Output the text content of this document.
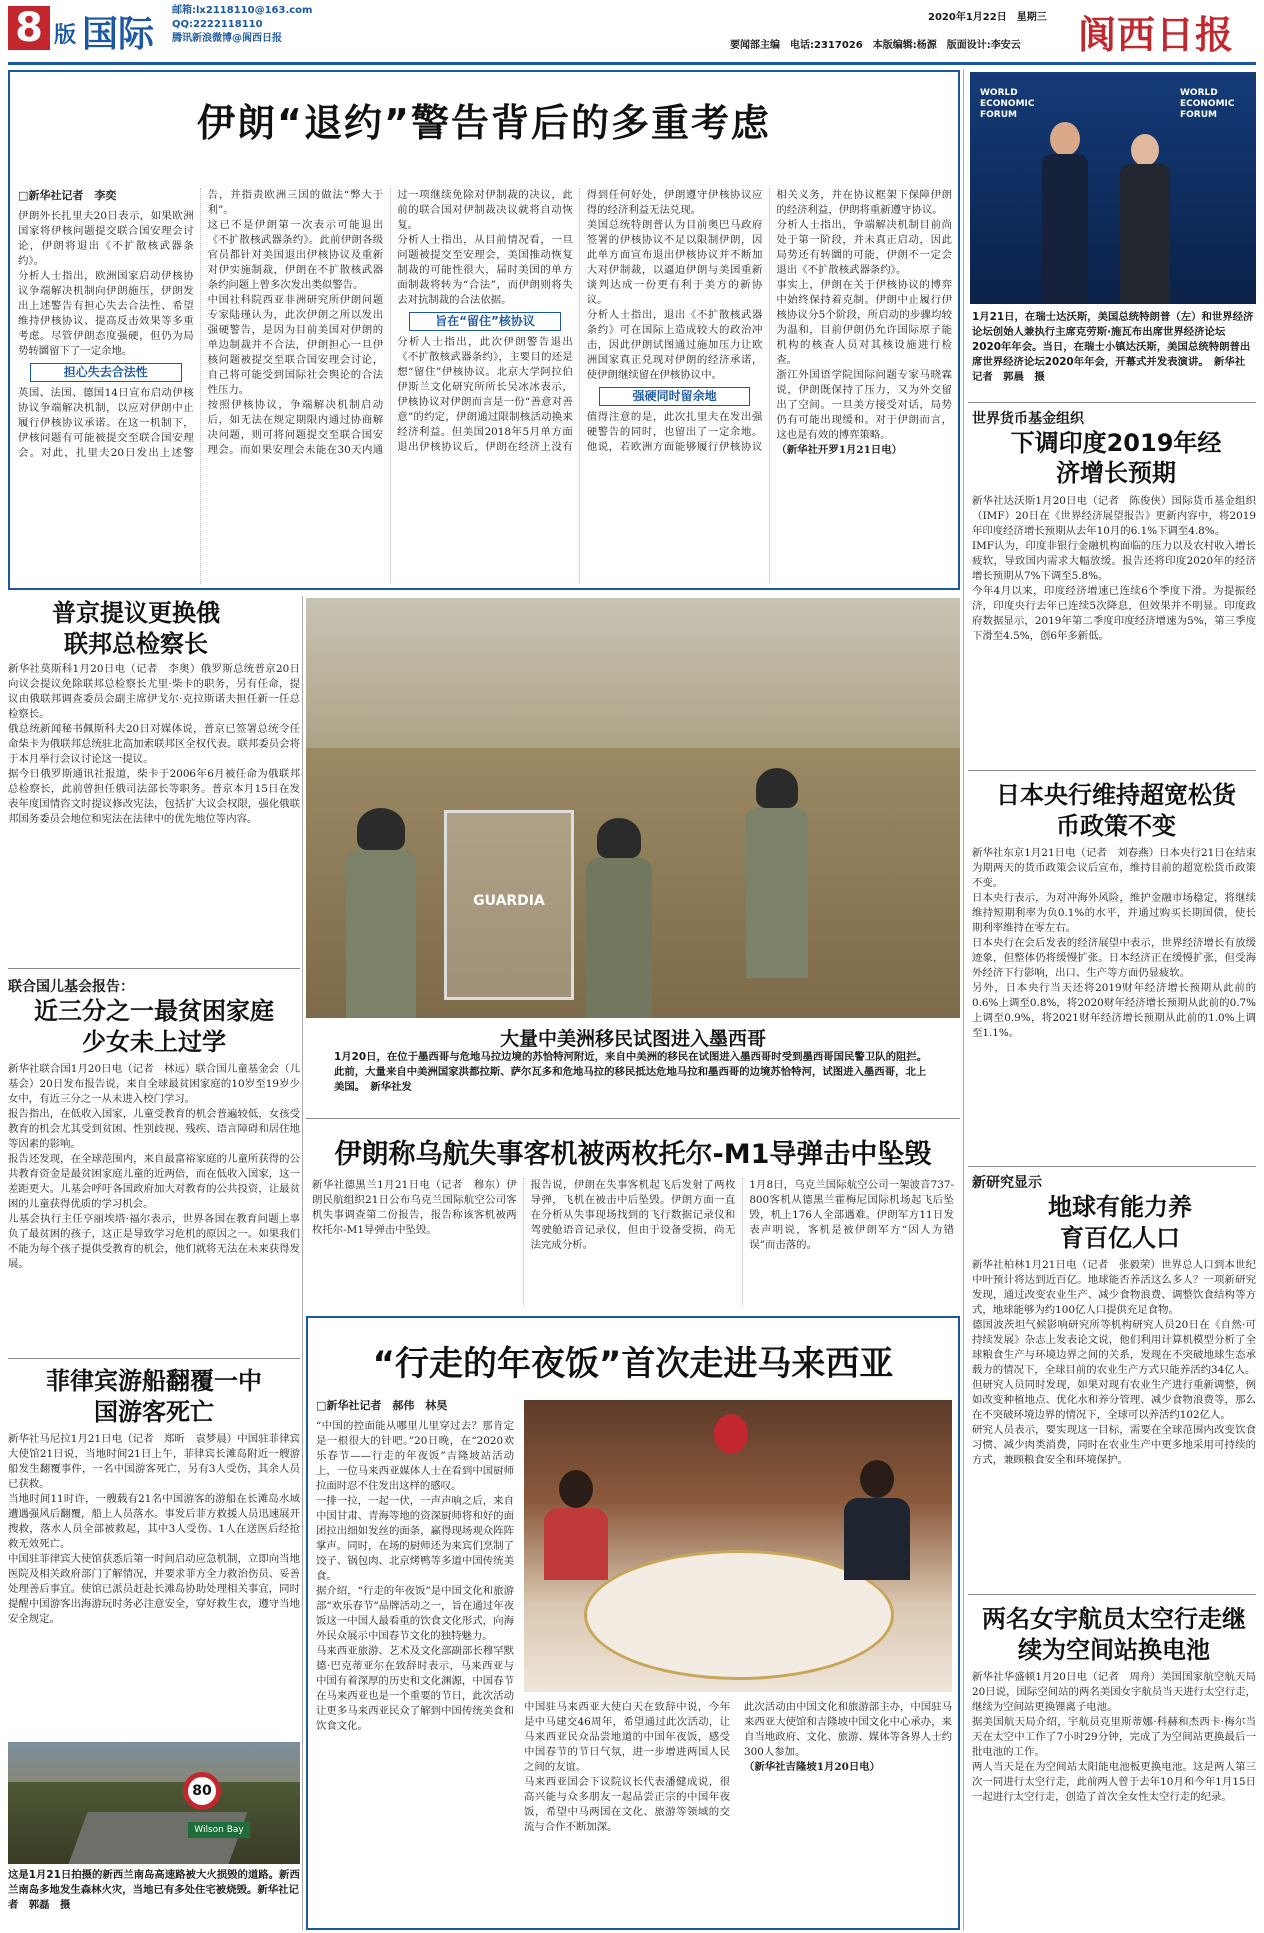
8 版 国际
邮箱:lx2118110@163.com
QQ:2222118110
腾讯新浪微博@阆西日报
2020年1月22日　星期三
要闻部主编　电话:2317026　本版编辑:杨源　版面设计:李安云 阆西日报
伊朗“退约”警告背后的多重考虑
□新华社记者　李奕

伊朗外长扎里夫20日表示，如果欧洲国家将伊核问题提交联合国安理会讨论，伊朗将退出《不扩散核武器条约》。

分析人士指出，欧洲国家启动伊核协议争端解决机制向伊朗施压，伊朗发出上述警告有担心失去合法性、希望维持伊核协议、提高反击效果等多重考虑。尽管伊朗态度强硬，但仍为局势转圜留下了一定余地。

担心失去合法性

英国、法国、德国14日宣布启动伊核协议争端解决机制，以应对伊朗中止履行伊核协议承诺。在这一机制下，伊核问题有可能被提交至联合国安理会。对此，扎里夫20日发出上述警告，并指责欧洲三国的做法“弊大于利”。

这已不是伊朗第一次表示可能退出《不扩散核武器条约》。此前伊朗各级官员都针对美国退出伊核协议及重新对伊实施制裁，伊朗在不扩散核武器条约问题上曾多次发出类似警告。

中国社科院西亚非洲研究所伊朗问题专家陆瑾认为，此次伊朗之所以发出强硬警告，是因为目前美国对伊朗的单边制裁并不合法，伊朗担心一旦伊核问题被提交至联合国安理会讨论，自己将可能受到国际社会舆论的合法性压力。

按照伊核协议，争端解决机制启动后，如无法在规定期限内通过协商解决问题，则可将问题提交至联合国安理会。而如果安理会未能在30天内通过一项继续免除对伊制裁的决议，此前的联合国对伊制裁决议就将自动恢复。

分析人士指出，从目前情况看，一旦问题被提交至安理会，美国推动恢复制裁的可能性很大，届时美国的单方面制裁将转为“合法”，而伊朗则将失去对抗制裁的合法依据。

旨在“留住”核协议

分析人士指出，此次伊朗警告退出《不扩散核武器条约》，主要目的还是想“留住”伊核协议。北京大学阿拉伯伊斯兰文化研究所所长吴冰冰表示，伊核协议对伊朗而言是一份“善意对善意”的约定，伊朗通过限制核活动换来经济利益。但美国2018年5月单方面退出伊核协议后，伊朗在经济上没有得到任何好处，伊朗遵守伊核协议应得的经济利益无法兑现。

美国总统特朗普认为目前奥巴马政府签署的伊核协议不足以限制伊朗，因此单方面宣布退出伊核协议并不断加大对伊制裁，以逼迫伊朗与美国重新谈判达成一份更有利于美方的新协议。

分析人士指出，退出《不扩散核武器条约》可在国际上造成较大的政治冲击，因此伊朗试图通过施加压力让欧洲国家真正兑现对伊朗的经济承诺，使伊朗继续留在伊核协议中。

强硬同时留余地

值得注意的是，此次扎里夫在发出强硬警告的同时，也留出了一定余地。他说，若欧洲方面能够履行伊核协议相关义务，并在协议框架下保障伊朗的经济利益，伊朗将重新遵守协议。

分析人士指出，争端解决机制目前尚处于第一阶段，并未真正启动，因此局势还有转圜的可能，伊朗不一定会退出《不扩散核武器条约》。

事实上，伊朗在关于伊核协议的博弈中始终保持着克制。伊朗中止履行伊核协议分5个阶段，所启动的步骤均较为温和，目前伊朗仍允许国际原子能机构的核查人员对其核设施进行检查。

浙江外国语学院国际问题专家马晓霖说，伊朗既保持了压力，又为外交留出了空间。一旦美方接受对话，局势仍有可能出现缓和。对于伊朗而言，这也是有效的博弈策略。

（新华社开罗1月21日电）

WORLD
ECONOMIC
FORUM
WORLD
ECONOMIC
FORUM
1月21日，在瑞士达沃斯，美国总统特朗普（左）和世界经济论坛创始人兼执行主席克劳斯·施瓦布出席世界经济论坛2020年年会。当日，在瑞士小镇达沃斯，美国总统特朗普出席世界经济论坛2020年年会，开幕式并发表演讲。　新华社记者　郭晨　摄
世界货币基金组织
下调印度2019年经济增长预期

新华社达沃斯1月20日电（记者　陈俊侠）国际货币基金组织（IMF）20日在《世界经济展望报告》更新内容中，将2019年印度经济增长预期从去年10月的6.1%下调至4.8%。

IMF认为，印度非银行金融机构面临的压力以及农村收入增长疲软，导致国内需求大幅放缓。报告还将印度2020年的经济增长预期从7%下调至5.8%。

今年4月以来，印度经济增速已连续6个季度下滑。为提振经济，印度央行去年已连续5次降息，但效果并不明显。印度政府数据显示，2019年第二季度印度经济增速为5%，第三季度下滑至4.5%，创6年多新低。

日本央行维持超宽松货币政策不变

新华社东京1月21日电（记者　刘春燕）日本央行21日在结束为期两天的货币政策会议后宣布，维持目前的超宽松货币政策不变。

日本央行表示，为对冲海外风险，维护金融市场稳定，将继续维持短期利率为负0.1%的水平，并通过购买长期国债，使长期利率维持在零左右。

日本央行在会后发表的经济展望中表示，世界经济增长有放缓迹象，但整体仍将缓慢扩张。日本经济正在缓慢扩张，但受海外经济下行影响，出口、生产等方面仍显疲软。

另外，日本央行当天还将2019财年经济增长预期从此前的0.6%上调至0.8%，将2020财年经济增长预期从此前的0.7%上调至0.9%，将2021财年经济增长预期从此前的1.0%上调至1.1%。

新研究显示
地球有能力养育百亿人口

新华社柏林1月21日电（记者　张毅荣）世界总人口到本世纪中叶预计将达到近百亿。地球能否养活这么多人？一项新研究发现，通过改变农业生产、减少食物浪费、调整饮食结构等方式，地球能够为约100亿人口提供充足食物。

德国波茨坦气候影响研究所等机构研究人员20日在《自然·可持续发展》杂志上发表论文说，他们利用计算机模型分析了全球粮食生产与环境边界之间的关系，发现在不突破地球生态承载力的情况下，全球目前的农业生产方式只能养活约34亿人。

但研究人员同时发现，如果对现有农业生产进行重新调整，例如改变种植地点、优化水和养分管理、减少食物浪费等，那么在不突破环境边界的情况下，全球可以养活约102亿人。

研究人员表示，要实现这一目标，需要在全球范围内改变饮食习惯、减少肉类消费，同时在农业生产中更多地采用可持续的方式，兼顾粮食安全和环境保护。

两名女宇航员太空行走继续为空间站换电池

新华社华盛顿1月20日电（记者　周舟）美国国家航空航天局20日说，国际空间站的两名美国女宇航员当天进行太空行走，继续为空间站更换锂离子电池。

据美国航天局介绍，宇航员克里斯蒂娜·科赫和杰西卡·梅尔当天在太空中工作了7小时29分钟，完成了为空间站更换最后一批电池的工作。

两人当天是在为空间站太阳能电池板更换电池。这是两人第三次一同进行太空行走，此前两人曾于去年10月和今年1月15日一起进行太空行走，创造了首次全女性太空行走的纪录。

普京提议更换俄联邦总检察长

新华社莫斯科1月20日电（记者　李奥）俄罗斯总统普京20日向议会提议免除联邦总检察长尤里·柴卡的职务，另有任命，提议由俄联邦调查委员会副主席伊戈尔·克拉斯诺夫担任新一任总检察长。

俄总统新闻秘书佩斯科夫20日对媒体说，普京已签署总统令任命柴卡为俄联邦总统驻北高加索联邦区全权代表。联邦委员会将于本月举行会议讨论这一提议。

据今日俄罗斯通讯社报道，柴卡于2006年6月被任命为俄联邦总检察长，此前曾担任俄司法部长等职务。普京本月15日在发表年度国情咨文时提议修改宪法，包括扩大议会权限，强化俄联邦国务委员会地位和宪法在法律中的优先地位等内容。

联合国儿基会报告：
近三分之一最贫困家庭少女未上过学

新华社联合国1月20日电（记者　林远）联合国儿童基金会（儿基会）20日发布报告说，来自全球最贫困家庭的10岁至19岁少女中，有近三分之一从未进入校门学习。

报告指出，在低收入国家，儿童受教育的机会普遍较低，女孩受教育的机会尤其受到贫困、性别歧视、残疾、语言障碍和居住地等因素的影响。

报告还发现，在全球范围内，来自最富裕家庭的儿童所获得的公共教育资金是最贫困家庭儿童的近两倍，而在低收入国家，这一差距更大。儿基会呼吁各国政府加大对教育的公共投资，让最贫困的儿童获得优质的学习机会。

儿基会执行主任亨丽埃塔·福尔表示，世界各国在教育问题上辜负了最贫困的孩子，这正是导致学习危机的原因之一。如果我们不能为每个孩子提供受教育的机会，他们就将无法在未来获得发展。

菲律宾游船翻覆一中国游客死亡

新华社马尼拉1月21日电（记者　郑昕　袁梦晨）中国驻菲律宾大使馆21日说，当地时间21日上午，菲律宾长滩岛附近一艘游船发生翻覆事件，一名中国游客死亡，另有3人受伤，其余人员已获救。

当地时间11时许，一艘载有21名中国游客的游船在长滩岛水域遭遇强风后翻覆，船上人员落水。事发后菲方救援人员迅速展开搜救，落水人员全部被救起，其中3人受伤、1人在送医后经抢救无效死亡。

中国驻菲律宾大使馆获悉后第一时间启动应急机制，立即向当地医院及相关政府部门了解情况，并要求菲方全力救治伤员、妥善处理善后事宜。使馆已派员赶赴长滩岛协助处理相关事宜，同时提醒中国游客出海游玩时务必注意安全，穿好救生衣，遵守当地安全规定。

80
Wilson Bay
这是1月21日拍摄的新西兰南岛高速路被大火损毁的道路。新西兰南岛多地发生森林火灾，当地已有多处住宅被烧毁。新华社记者　郭磊　摄
GUARDIA
大量中美洲移民试图进入墨西哥
1月20日，在位于墨西哥与危地马拉边境的苏恰特河附近，来自中美洲的移民在试图进入墨西哥时受到墨西哥国民警卫队的阻拦。此前，大量来自中美洲国家洪都拉斯、萨尔瓦多和危地马拉的移民抵达危地马拉和墨西哥的边境苏恰特河，试图进入墨西哥，北上美国。　新华社发
伊朗称乌航失事客机被两枚托尔-M1导弹击中坠毁

新华社德黑兰1月21日电（记者　穆东）伊朗民航组织21日公布乌克兰国际航空公司客机失事调查第二份报告，报告称该客机被两枚托尔-M1导弹击中坠毁。

报告说，伊朗在失事客机起飞后发射了两枚导弹，飞机在被击中后坠毁。伊朗方面一直在分析从失事现场找到的飞行数据记录仪和驾驶舱语音记录仪，但由于设备受损，尚无法完成分析。

1月8日，乌克兰国际航空公司一架波音737-800客机从德黑兰霍梅尼国际机场起飞后坠毁，机上176人全部遇难。伊朗军方11日发表声明说，客机是被伊朗军方“因人为错误”而击落的。

“行走的年夜饭”首次走进马来西亚
□新华社记者　郝伟　林昊

“中国的控面能从哪里儿里穿过去？那肯定是一根很大的针吧。”20日晚，在“2020欢乐春节——行走的年夜饭”吉隆坡站活动上，一位马来西亚媒体人士在看到中国厨师拉面时忍不住发出这样的感叹。

一排一拉，一起一伏，一声声响之后，来自中国甘肃、青海等地的资深厨师将和好的面团拉出细如发丝的面条，赢得现场观众阵阵掌声。同时，在场的厨师还为来宾们烹制了饺子、锅包肉、北京烤鸭等多道中国传统美食。

据介绍，“行走的年夜饭”是中国文化和旅游部“欢乐春节”品牌活动之一，旨在通过年夜饭这一中国人最看重的饮食文化形式，向海外民众展示中国春节文化的独特魅力。

马来西亚旅游、艺术及文化部副部长穆罕默德·巴克蒂亚尔在致辞时表示，马来西亚与中国有着深厚的历史和文化渊源，中国春节在马来西亚也是一个重要的节日，此次活动让更多马来西亚民众了解到中国传统美食和饮食文化。

中国驻马来西亚大使白天在致辞中说，今年是中马建交46周年，希望通过此次活动，让马来西亚民众品尝地道的中国年夜饭，感受中国春节的节日气氛，进一步增进两国人民之间的友谊。

马来西亚国会下议院议长代表潘健成说，很高兴能与众多朋友一起品尝正宗的中国年夜饭，希望中马两国在文化、旅游等领域的交流与合作不断加深。

此次活动由中国文化和旅游部主办，中国驻马来西亚大使馆和吉隆坡中国文化中心承办，来自当地政府、文化、旅游、媒体等各界人士约300人参加。

（新华社吉隆坡1月20日电）
